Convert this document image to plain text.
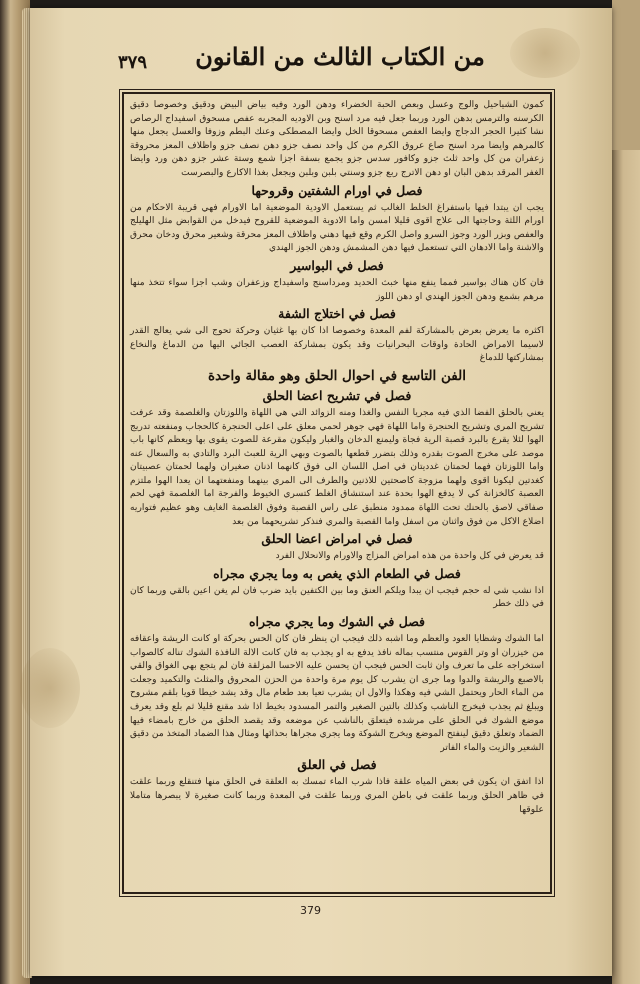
٣٧٩	من الكتاب الثالث من القانون
كمون الشياحيل والوج وعسل وبعص الحبة الخضراء ودهن الورد وفيه بياض البيض ودقيق وخصوصا دقيق الكرسنه والترمس بدهن الورد وربما جعل فيه مرد اسنح وبن الاوديه المجربه عفص مسحوق اسفيداج الرصاص نشا كثيرا الحجر الدجاج وايضا العفص مسحوقا الخل وايضا المصطكى وعنك البطم وزوفا والعسل يجعل منها كالمرهم وايضا مرد اسنح صاع عروق الكرم من كل واحد نصف جزو دهن نصف جزو واظلاف المعز محروقة زعفران من كل واحد ثلث جزو وكافور سدس جزو يجمع بسفة اجزا شمع وستة عشر جزو دهن ورد وايضا الغفر المرقد بدهن البان او دهن الاترج ربع جزو وسنتي بلبن وبلبن ويجعل بغذا الاكارع والبصرست
فصل في اورام الشفتين وقروحها
يجب ان يبتدا فيها باستفراغ الخلط الغالب ثم يستعمل الاودية الموضعية اما الاورام فهي قريبة الاحكام من اورام اللثة وحاجتها الى علاج اقوى قليلا امسن واما الادوية الموضعية للقروح فيدخل من القوابض مثل الهليلج والعفص وبزر الورد وجوز السرو واصل الكرم وقع فيها دهني واظلاف المعز محرقة وشعير محرق ودخان محرق والاشنة واما الادهان التي تستعمل فيها دهن المشمش ودهن الجوز الهندي
فصل في البواسير
فان كان هناك بواسير فمما ينفع منها خبث الحديد ومرداسنج واسفيداج وزعفران وشب اجزا سواء تتخذ منها مرهم بشمع ودهن الجوز الهندي او دهن اللوز
فصل في اختلاج الشفة
اكثره ما يعرض بعرض بالمشاركة لفم المعدة وخصوصا اذا كان بها غثيان وحركة تحوج الى شي يعالج القدر لاسيما الامراض الحادة واوقات البحرانيات وقد يكون بمشاركة العصب الجائي اليها من الدماغ والنخاع بمشاركتها للدماغ
الفن التاسع في احوال الحلق وهو مقالة واحدة
فصل في تشريح اعضا الحلق
يعني بالحلق الفضا الذي فيه مجريا النفس والغذا ومنه الزوائد التي هي اللهاة واللوزتان والغلصمة وقد عرفت تشريح المري وتشريح الحنجرة واما اللهاة فهي جوهر لحمي معلق على اعلى الحنجرة كالحجاب ومنفعته تدريج الهوا لئلا يقرع بالبرد قصبة الرية فجاة وليمنع الدخان والغبار وليكون مقرعة للصوت يقوى بها ويعظم كانها باب موصد على مخرج الصوت بقدره وذلك بتضرر قطعها بالصوت وبهي الرية للعبث البرد والتادي به والسعال عنه واما اللوزتان فهما لحمتان غدديتان في اصل اللسان الى فوق كانهما اذنان صغيران ولهما لحمتان عصبيتان كغدتين ليكونا اقوى ولهما مزوجة كاصحتين للاذنين والطرف الى المري بينهما ومنفعتهما ان يعدا الهوا ملتزم العصبة كالخزانة كي لا يدفع الهوا بحدة عند استنشاق الغلط كتسري الخيوط والفرجة اما الغلصمة فهي لحم صفاقي لاصق بالحنك تحت اللهاة ممدود منطبق على راس القصبة وفوق الغلصمة الغايف وهو عظيم فتواريه اضلاع الاكل من فوق واثنان من اسفل واما القصبة والمري فنذكر تشريحهما من بعد
فصل في امراض اعضا الحلق
قد يعرض في كل واحدة من هذه امراض المزاج والاورام والانحلال الفرد
فصل في الطعام الذي يغص به وما يجري مجراه
اذا نشب شي له حجم فيجب ان يبدا ويلكم العنق وما بين الكتفين بايد ضرب فان لم يغن اعين بالقي وربما كان في ذلك خطر
فصل في الشوك وما يجري مجراه
اما الشوك وشظايا العود والعظم وما اشبه ذلك فيجب ان ينظر فان كان الحس بحركة او كانت الريشة واعقافه من خيزران او وتر القوس منتسب بماله نافذ يدفع به او يجذب به فان كانت الالة النافذة الشوك تناله كالصواب استخراجه على ما تعرف وان ثابت الحس فيجب ان يحسن عليه الاحسا المزلقة فان لم يتجع بهي الغواق والقي بالاصبع والريشة والدوا وما جرى ان يشرب كل يوم مرة واحدة من الحزن المحروق والمثلث والتكميد وجعلت من الماء الحار ويحتمل الشي فيه وهكذا والاول ان يشرب تعيا بعد طعام مال وقد يشد خيطا قويا بلقم مشروح ويبلغ ثم يجذب فيخرج الناشب وكذلك بالتين الصغير والتمر المسدود بخيط اذا شد مقنع قليلا ثم بلع وقد يعرف موضع الشوك في الحلق على مرشده فيتعلق بالناشب عن موضعه وقد يقصد الحلق من خارج بامضاء فيها الضماد وتعلق دقيق لينفتح الموضع ويخرج الشوكة وما يجري مجراها بحذائها ومثال هذا الضماد المتخذ من دقيق الشعير والزيت والماء الفاتر
فصل في العلق
اذا اتفق ان يكون في بعض المياه علقة فاذا شرب الماء تمسك به العلقة في الحلق منها فتنقلع وربما علقت في ظاهر الحلق وربما علقت في باطن المري وربما علقت في المعدة وربما كانت صغيرة لا يبصرها متاملا علوقها
379
